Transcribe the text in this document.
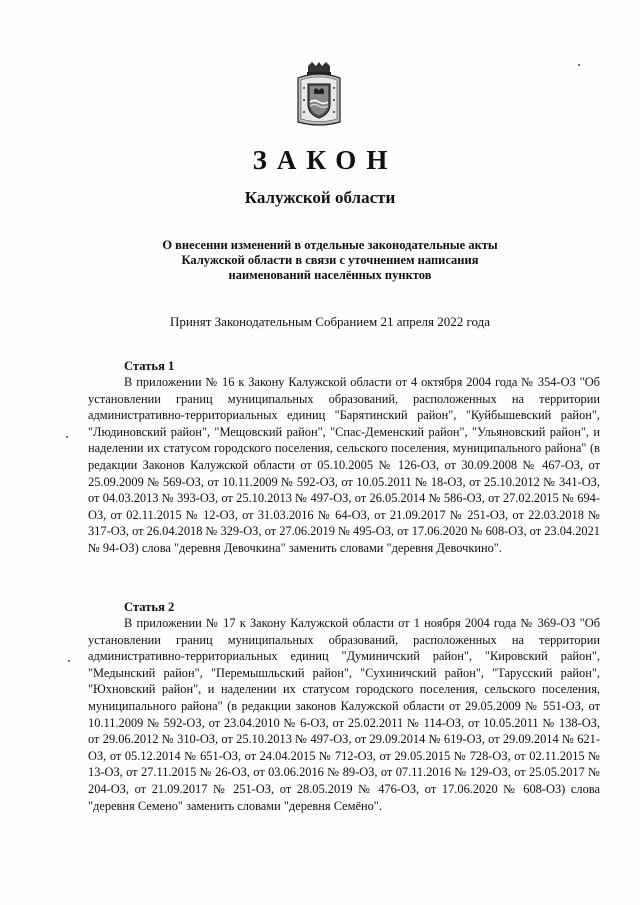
ЗАКОН
Калужской области
О внесении изменений в отдельные законодательные акты
Калужской области в связи с уточнением написания
наименований населённых пунктов
Принят Законодательным Собранием 21 апреля 2022 года
Статья 1
В приложении № 16 к Закону Калужской области от 4 октября 2004 года № 354-ОЗ "Об установлении границ муниципальных образований, расположенных на территории административно-территориальных единиц "Барятинский район", "Куйбышевский район", "Людиновский район", "Мещовский район", "Спас-Деменский район", "Ульяновский район", и наделении их статусом городского поселения, сельского поселения, муниципального района" (в редакции Законов Калужской области от 05.10.2005 № 126-ОЗ, от 30.09.2008 № 467-ОЗ, от 25.09.2009 № 569-ОЗ, от 10.11.2009 № 592-ОЗ, от 10.05.2011 № 18-ОЗ, от 25.10.2012 № 341-ОЗ, от 04.03.2013 № 393-ОЗ, от 25.10.2013 № 497-ОЗ, от 26.05.2014 № 586-ОЗ, от 27.02.2015 № 694-ОЗ, от 02.11.2015 № 12-ОЗ, от 31.03.2016 № 64-ОЗ, от 21.09.2017 № 251-ОЗ, от 22.03.2018 № 317-ОЗ, от 26.04.2018 № 329-ОЗ, от 27.06.2019 № 495-ОЗ, от 17.06.2020 № 608-ОЗ, от 23.04.2021 № 94-ОЗ) слова "деревня Девочкина" заменить словами "деревня Девочкино".
Статья 2
В приложении № 17 к Закону Калужской области от 1 ноября 2004 года № 369-ОЗ "Об установлении границ муниципальных образований, расположенных на территории административно-территориальных единиц "Думиничский район", "Кировский район", "Медынский район", "Перемышльский район", "Сухиничский район", "Тарусский район", "Юхновский район", и наделении их статусом городского поселения, сельского поселения, муниципального района" (в редакции законов Калужской области от 29.05.2009 № 551-ОЗ, от 10.11.2009 № 592-ОЗ, от 23.04.2010 № 6-ОЗ, от 25.02.2011 № 114-ОЗ, от 10.05.2011 № 138-ОЗ, от 29.06.2012 № 310-ОЗ, от 25.10.2013 № 497-ОЗ, от 29.09.2014 № 619-ОЗ, от 29.09.2014 № 621-ОЗ, от 05.12.2014 № 651-ОЗ, от 24.04.2015 № 712-ОЗ, от 29.05.2015 № 728-ОЗ, от 02.11.2015 № 13-ОЗ, от 27.11.2015 № 26-ОЗ, от 03.06.2016 № 89-ОЗ, от 07.11.2016 № 129-ОЗ, от 25.05.2017 № 204-ОЗ, от 21.09.2017 № 251-ОЗ, от 28.05.2019 № 476-ОЗ, от 17.06.2020 № 608-ОЗ) слова "деревня Семено" заменить словами "деревня Семёно".
